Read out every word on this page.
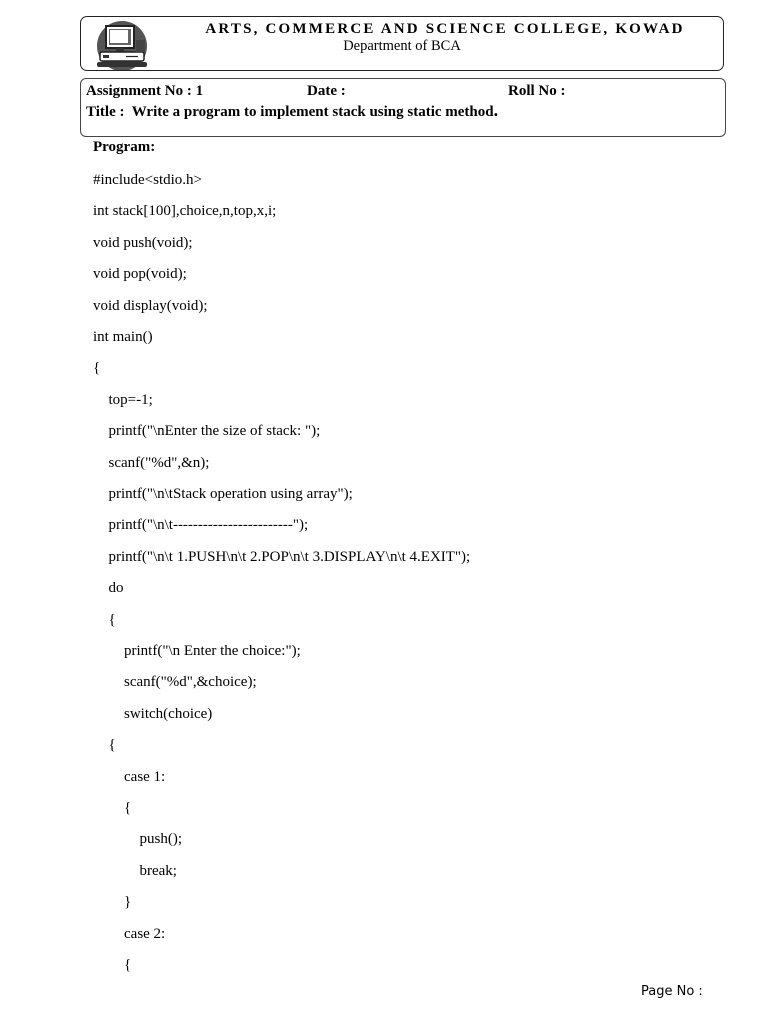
ARTS, COMMERCE AND SCIENCE COLLEGE, KOWAD
Department of BCA
Assignment No : 1	Date :	Roll No :
Title : Write a program to implement stack using static method.
Program:
#include<stdio.h>
int stack[100],choice,n,top,x,i;
void push(void);
void pop(void);
void display(void);
int main()
{
top=-1;
printf("\nEnter the size of stack: ");
scanf("%d",&n);
printf("\n\tStack operation using array");
printf("\n\t------------------------");
printf("\n\t 1.PUSH\n\t 2.POP\n\t 3.DISPLAY\n\t 4.EXIT");
do
{
printf("\n Enter the choice:");
scanf("%d",&choice);
switch(choice)
{
case 1:
{
push();
break;
}
case 2:
{
Page No :
